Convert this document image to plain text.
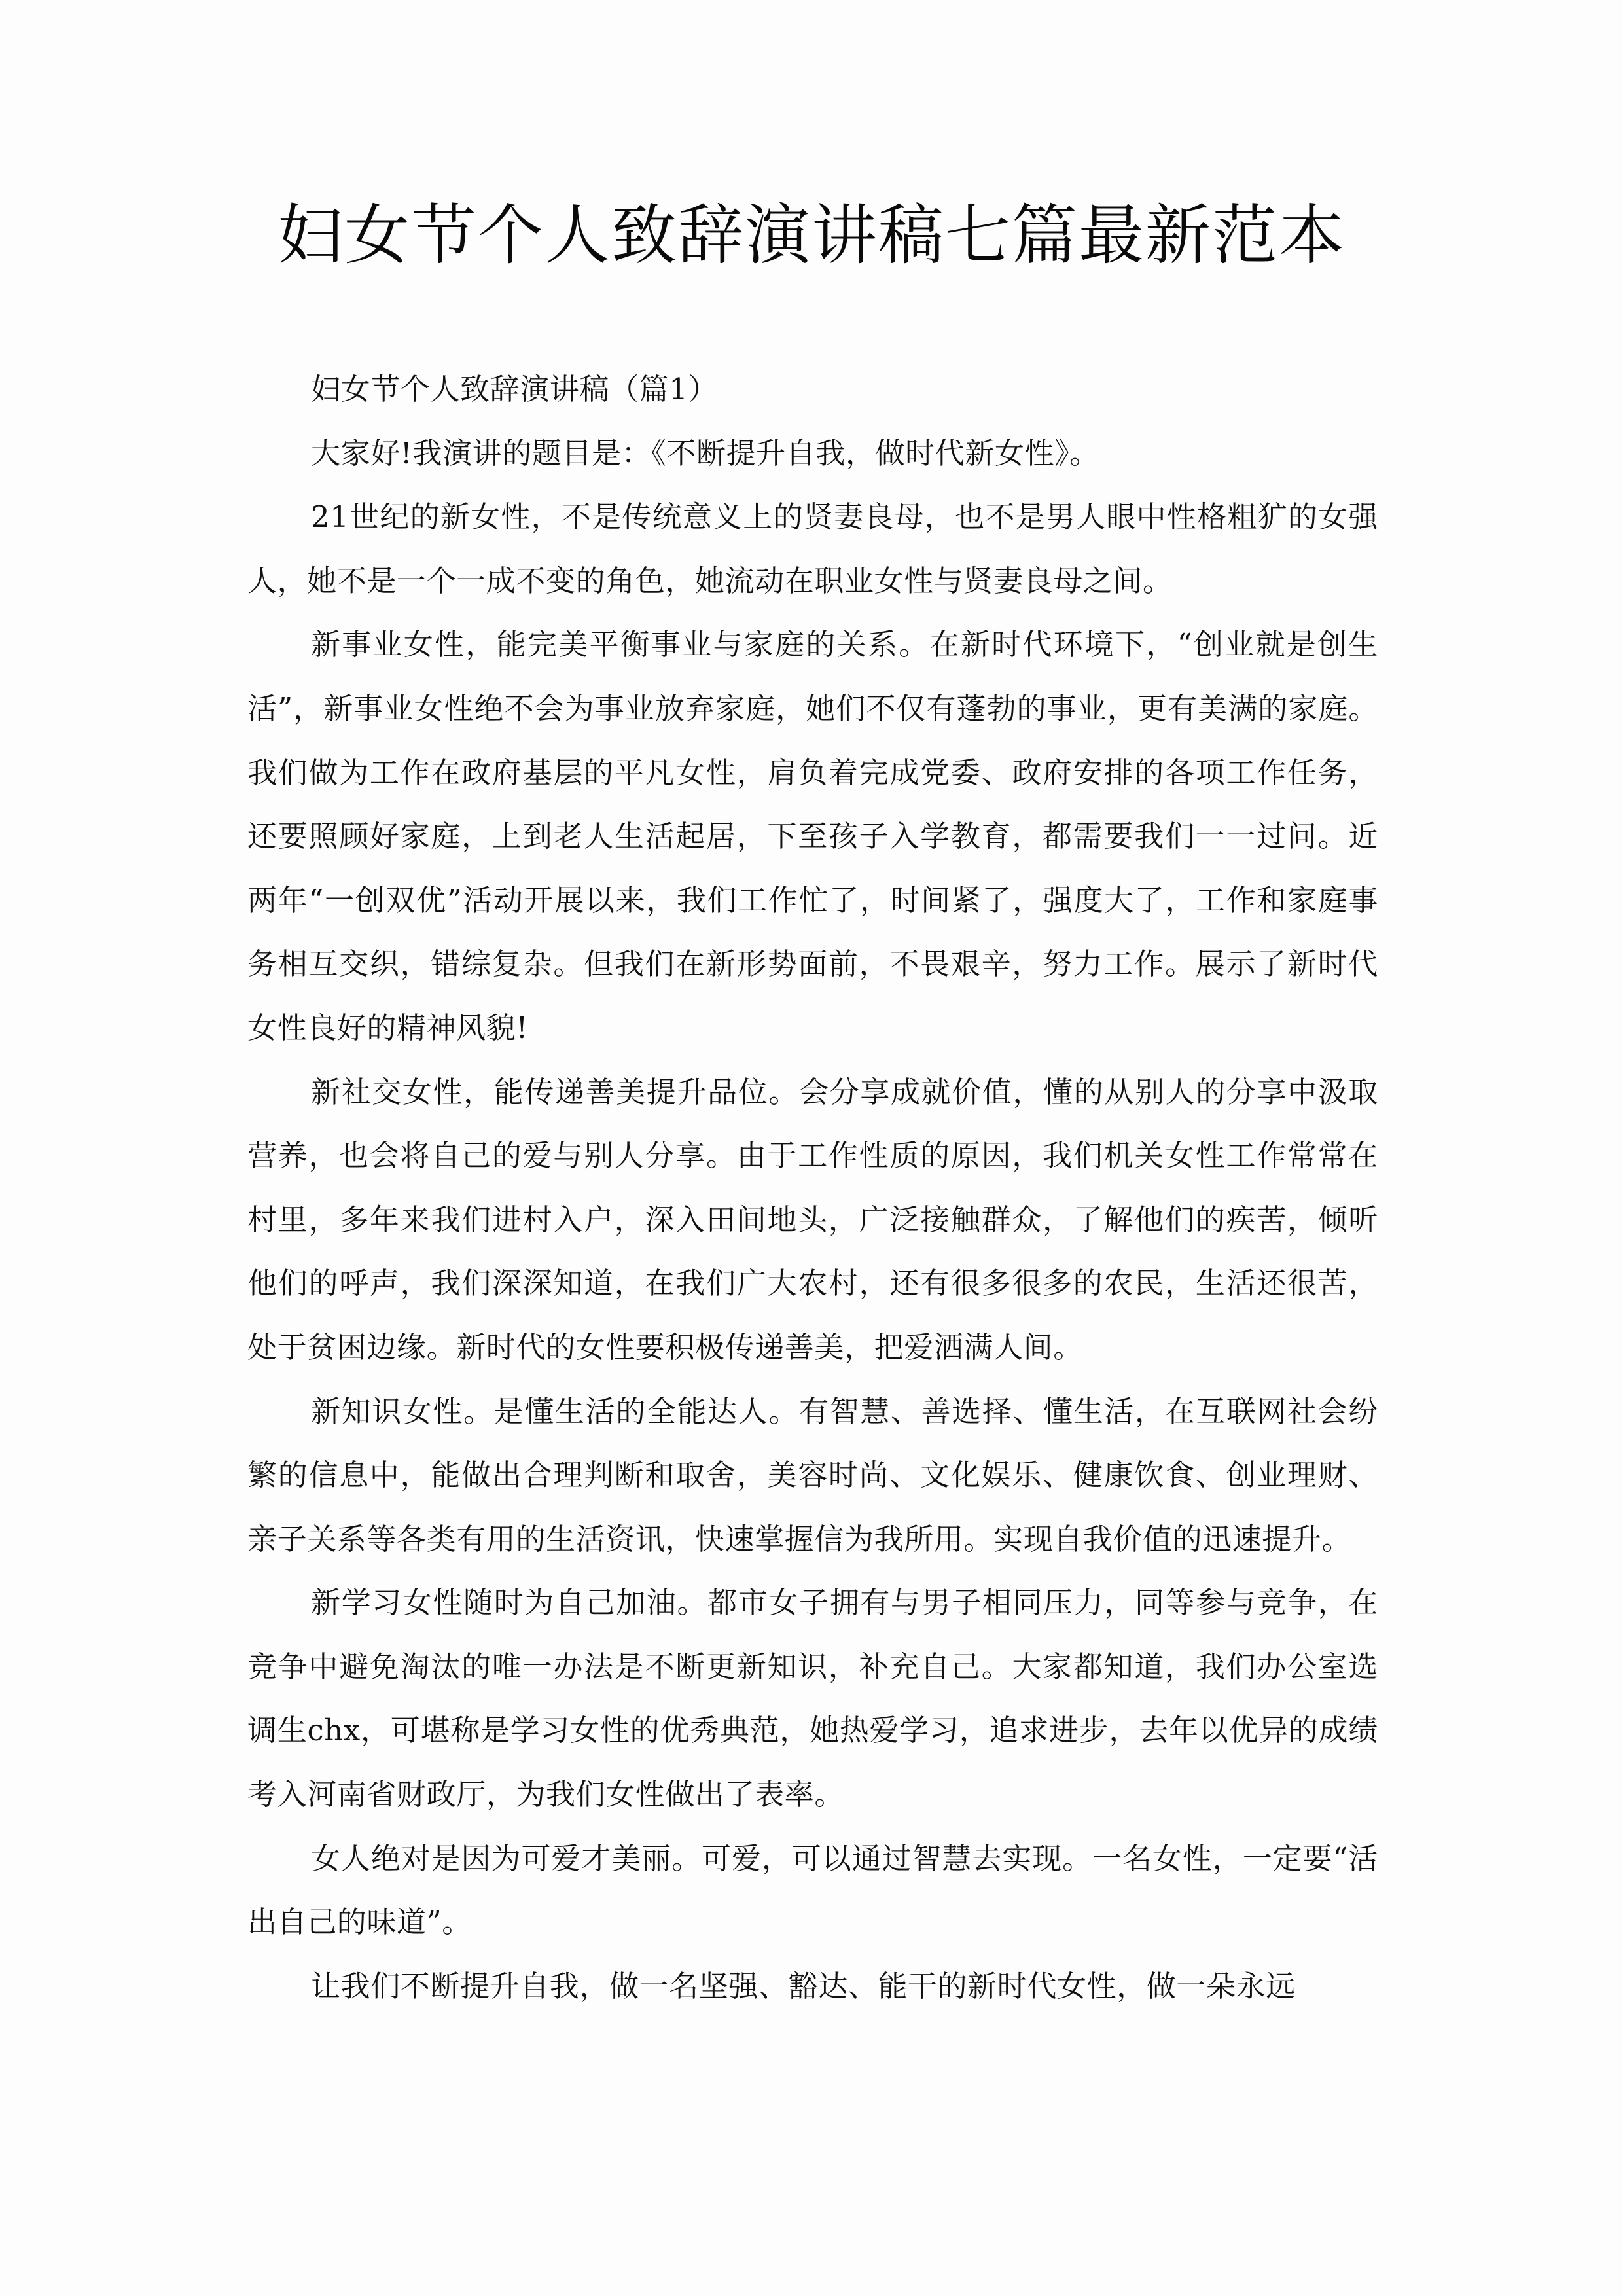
妇女节个人致辞演讲稿七篇最新范本

妇女节个人致辞演讲稿（篇1）

大家好!我演讲的题目是：《不断提升自我，做时代新女性》。

21世纪的新女性，不是传统意义上的贤妻良母，也不是男人眼中性格粗犷的女强人，她不是一个一成不变的角色，她流动在职业女性与贤妻良母之间。

新事业女性，能完美平衡事业与家庭的关系。在新时代环境下，“创业就是创生活”，新事业女性绝不会为事业放弃家庭，她们不仅有蓬勃的事业，更有美满的家庭。我们做为工作在政府基层的平凡女性，肩负着完成党委、政府安排的各项工作任务，还要照顾好家庭，上到老人生活起居，下至孩子入学教育，都需要我们一一过问。近两年“一创双优”活动开展以来，我们工作忙了，时间紧了，强度大了，工作和家庭事务相互交织，错综复杂。但我们在新形势面前，不畏艰辛，努力工作。展示了新时代女性良好的精神风貌!

新社交女性，能传递善美提升品位。会分享成就价值，懂的从别人的分享中汲取营养，也会将自己的爱与别人分享。由于工作性质的原因，我们机关女性工作常常在村里，多年来我们进村入户，深入田间地头，广泛接触群众，了解他们的疾苦，倾听他们的呼声，我们深深知道，在我们广大农村，还有很多很多的农民，生活还很苦，处于贫困边缘。新时代的女性要积极传递善美，把爱洒满人间。

新知识女性。是懂生活的全能达人。有智慧、善选择、懂生活，在互联网社会纷繁的信息中，能做出合理判断和取舍，美容时尚、文化娱乐、健康饮食、创业理财、亲子关系等各类有用的生活资讯，快速掌握信为我所用。实现自我价值的迅速提升。

新学习女性随时为自己加油。都市女子拥有与男子相同压力，同等参与竞争，在竞争中避免淘汰的唯一办法是不断更新知识，补充自己。大家都知道，我们办公室选调生chx，可堪称是学习女性的优秀典范，她热爱学习，追求进步，去年以优异的成绩考入河南省财政厅，为我们女性做出了表率。

女人绝对是因为可爱才美丽。可爱，可以通过智慧去实现。一名女性，一定要“活出自己的味道”。

让我们不断提升自我，做一名坚强、豁达、能干的新时代女性，做一朵永远
